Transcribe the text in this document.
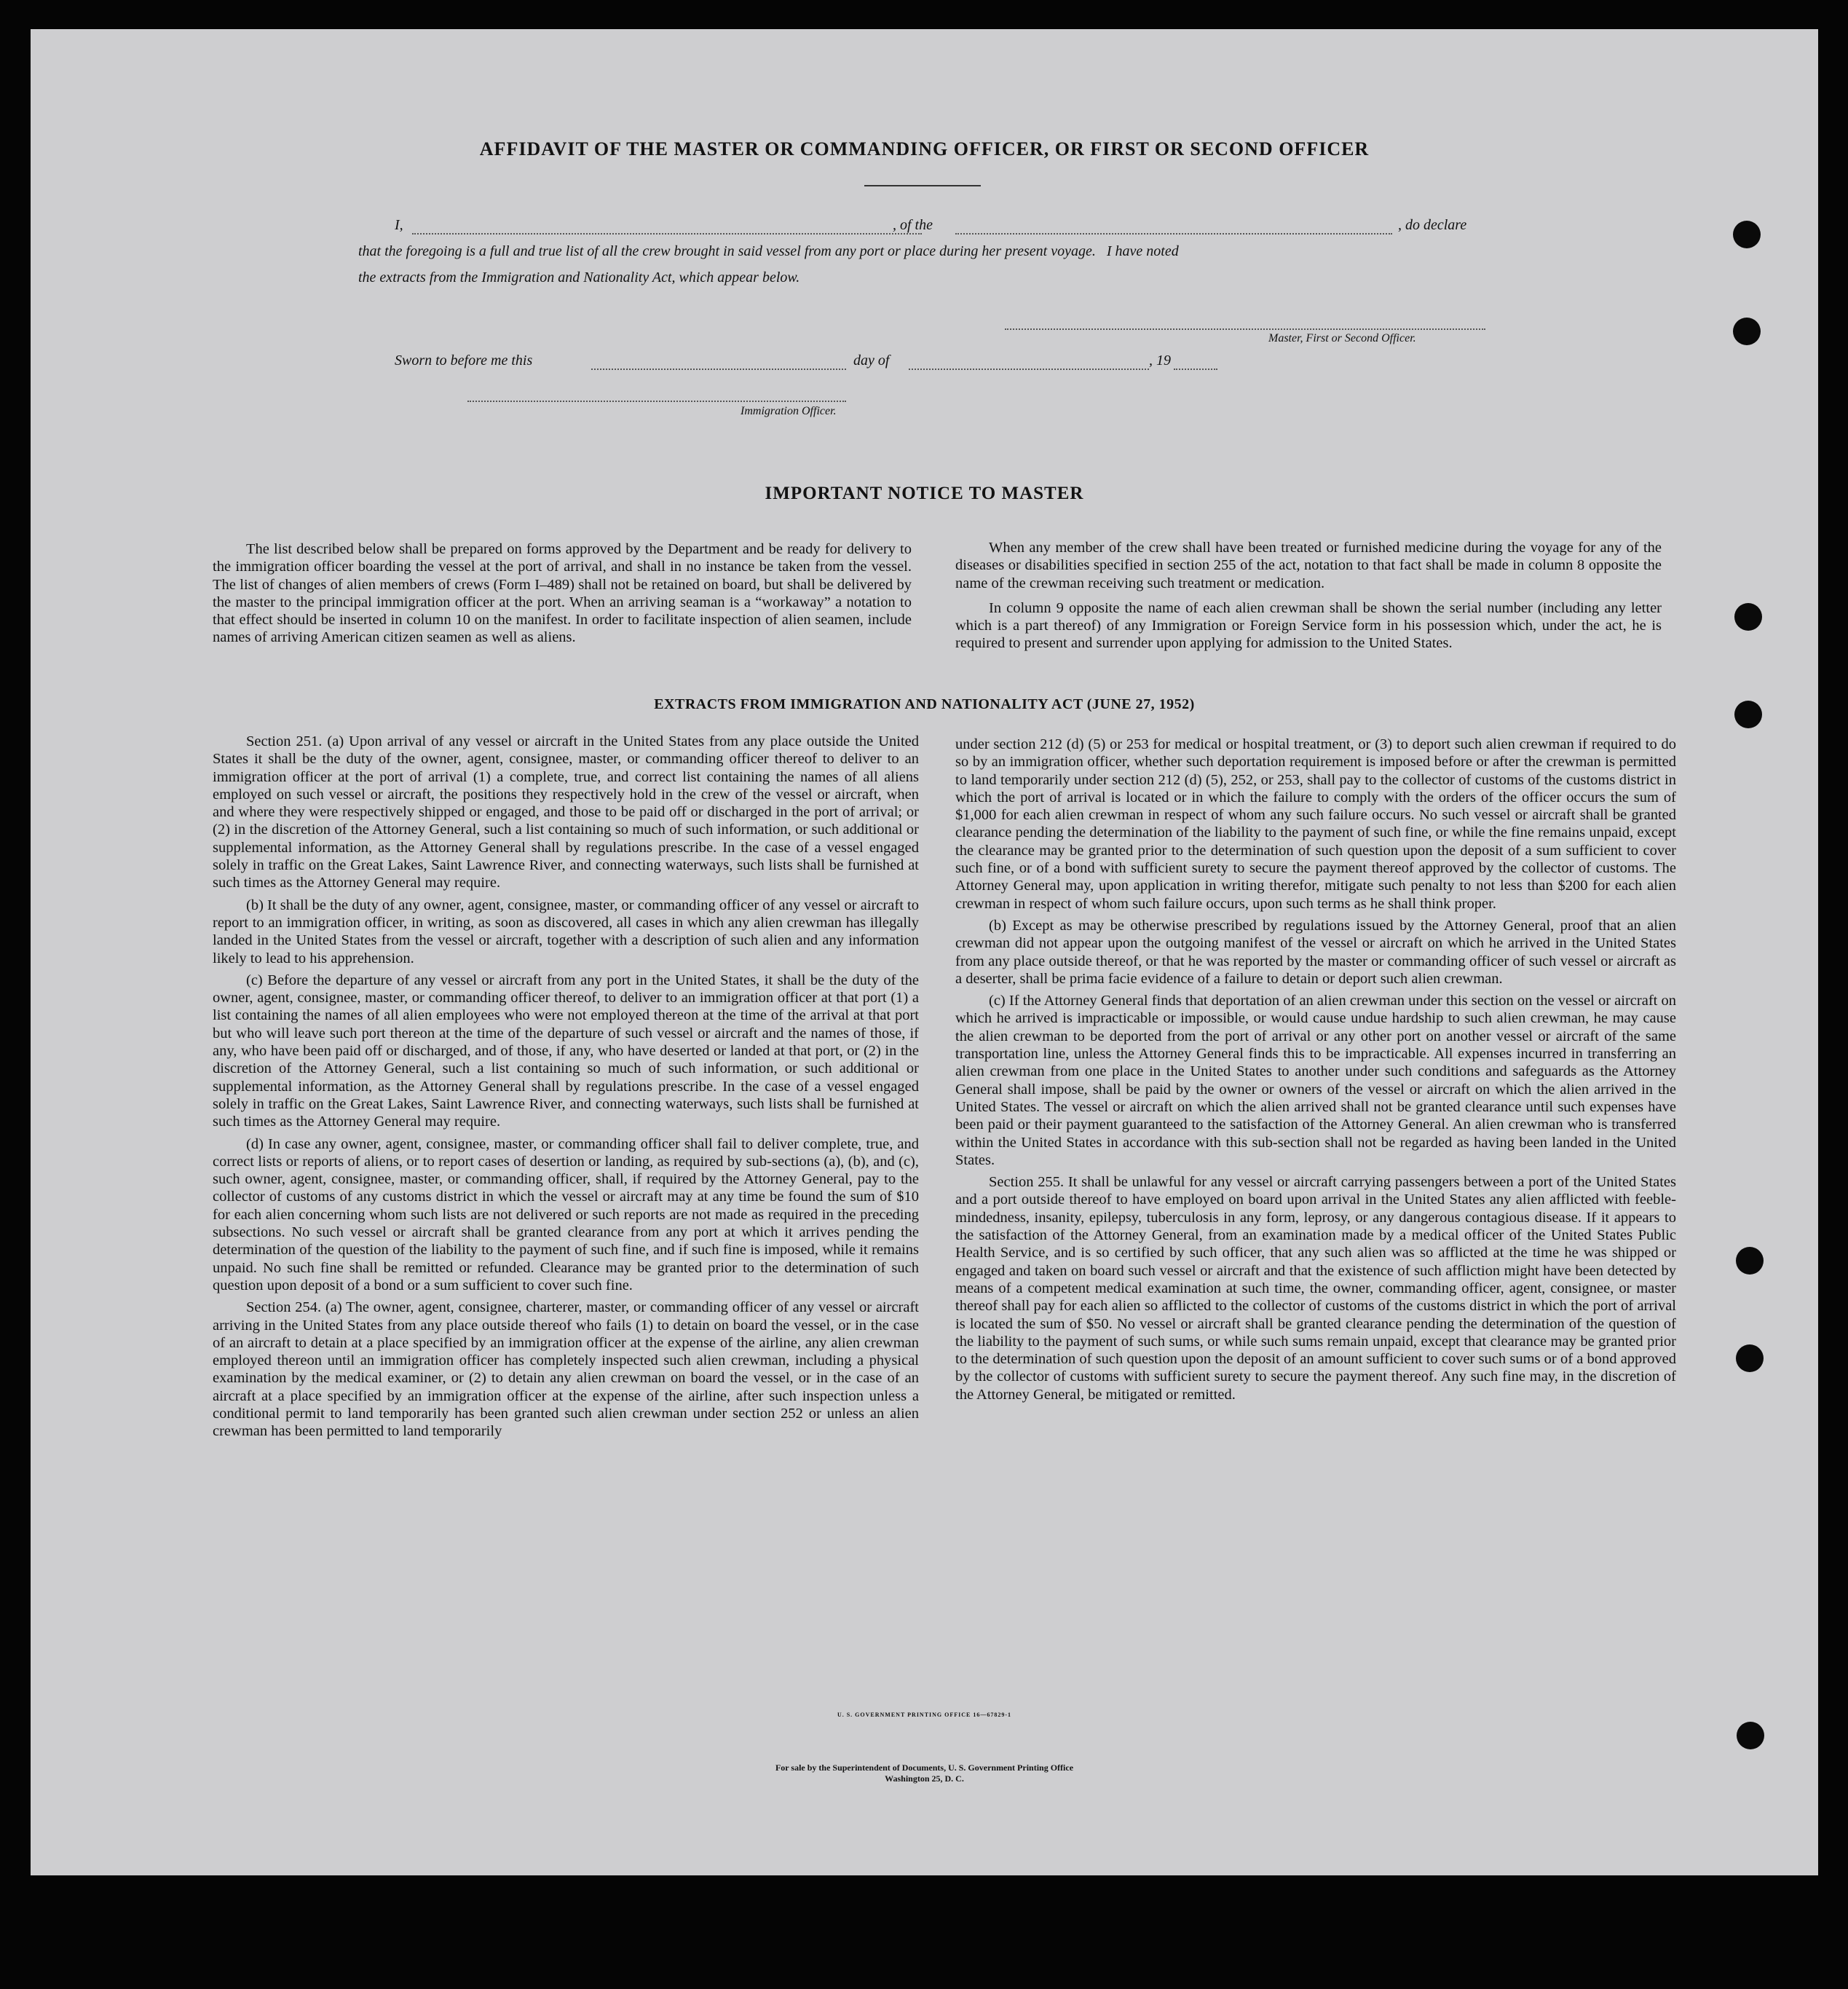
AFFIDAVIT OF THE MASTER OR COMMANDING OFFICER, OR FIRST OR SECOND OFFICER
I,	, of the	, do declare
that the foregoing is a full and true list of all the crew brought in said vessel from any port or place during her present voyage.   I have noted
the extracts from the Immigration and Nationality Act, which appear below.
Master, First or Second Officer.
Sworn to before me this	day of	, 19
Immigration Officer.
IMPORTANT NOTICE TO MASTER

The list described below shall be prepared on forms approved by the Department and be ready for delivery to the immigration officer boarding the vessel at the port of arrival, and shall in no instance be taken from the vessel. The list of changes of alien members of crews (Form I–489) shall not be retained on board, but shall be delivered by the master to the principal immigration officer at the port. When an arriving seaman is a “workaway” a notation to that effect should be inserted in column 10 on the manifest. In order to facilitate inspection of alien seamen, include names of arriving American citizen seamen as well as aliens.

When any member of the crew shall have been treated or furnished medicine during the voyage for any of the diseases or disabilities specified in section 255 of the act, notation to that fact shall be made in column 8 opposite the name of the crewman receiving such treatment or medication.

In column 9 opposite the name of each alien crewman shall be shown the serial number (including any letter which is a part thereof) of any Immigration or Foreign Service form in his possession which, under the act, he is required to present and surrender upon applying for admission to the United States.

EXTRACTS FROM IMMIGRATION AND NATIONALITY ACT (JUNE 27, 1952)

Section 251. (a) Upon arrival of any vessel or aircraft in the United States from any place outside the United States it shall be the duty of the owner, agent, consignee, master, or commanding officer thereof to deliver to an immigration officer at the port of arrival (1) a complete, true, and correct list containing the names of all aliens employed on such vessel or aircraft, the positions they respectively hold in the crew of the vessel or aircraft, when and where they were respectively shipped or engaged, and those to be paid off or discharged in the port of arrival; or (2) in the discretion of the Attorney General, such a list containing so much of such information, or such additional or supplemental information, as the Attorney General shall by regulations prescribe. In the case of a vessel engaged solely in traffic on the Great Lakes, Saint Lawrence River, and connecting waterways, such lists shall be furnished at such times as the Attorney General may require.

(b) It shall be the duty of any owner, agent, consignee, master, or commanding officer of any vessel or aircraft to report to an immigration officer, in writing, as soon as discovered, all cases in which any alien crewman has illegally landed in the United States from the vessel or aircraft, together with a description of such alien and any information likely to lead to his apprehension.

(c) Before the departure of any vessel or aircraft from any port in the United States, it shall be the duty of the owner, agent, consignee, master, or commanding officer thereof, to deliver to an immigration officer at that port (1) a list containing the names of all alien employees who were not employed thereon at the time of the arrival at that port but who will leave such port thereon at the time of the departure of such vessel or aircraft and the names of those, if any, who have been paid off or discharged, and of those, if any, who have deserted or landed at that port, or (2) in the discretion of the Attorney General, such a list containing so much of such information, or such additional or supplemental information, as the Attorney General shall by regulations prescribe. In the case of a vessel engaged solely in traffic on the Great Lakes, Saint Lawrence River, and connecting waterways, such lists shall be furnished at such times as the Attorney General may require.

(d) In case any owner, agent, consignee, master, or commanding officer shall fail to deliver complete, true, and correct lists or reports of aliens, or to report cases of desertion or landing, as required by sub-sections (a), (b), and (c), such owner, agent, consignee, master, or commanding officer, shall, if required by the Attorney General, pay to the collector of customs of any customs district in which the vessel or aircraft may at any time be found the sum of $10 for each alien concerning whom such lists are not delivered or such reports are not made as required in the preceding subsections. No such vessel or aircraft shall be granted clearance from any port at which it arrives pending the determination of the question of the liability to the payment of such fine, and if such fine is imposed, while it remains unpaid. No such fine shall be remitted or refunded. Clearance may be granted prior to the determination of such question upon deposit of a bond or a sum sufficient to cover such fine.

Section 254. (a) The owner, agent, consignee, charterer, master, or commanding officer of any vessel or aircraft arriving in the United States from any place outside thereof who fails (1) to detain on board the vessel, or in the case of an aircraft to detain at a place specified by an immigration officer at the expense of the airline, any alien crewman employed thereon until an immigration officer has completely inspected such alien crewman, including a physical examination by the medical examiner, or (2) to detain any alien crewman on board the vessel, or in the case of an aircraft at a place specified by an immigration officer at the expense of the airline, after such inspection unless a conditional permit to land temporarily has been granted such alien crewman under section 252 or unless an alien crewman has been permitted to land temporarily

under section 212 (d) (5) or 253 for medical or hospital treatment, or (3) to deport such alien crewman if required to do so by an immigration officer, whether such deportation requirement is imposed before or after the crewman is permitted to land temporarily under section 212 (d) (5), 252, or 253, shall pay to the collector of customs of the customs district in which the port of arrival is located or in which the failure to comply with the orders of the officer occurs the sum of $1,000 for each alien crewman in respect of whom any such failure occurs. No such vessel or aircraft shall be granted clearance pending the determination of the liability to the payment of such fine, or while the fine remains unpaid, except the clearance may be granted prior to the determination of such question upon the deposit of a sum sufficient to cover such fine, or of a bond with sufficient surety to secure the payment thereof approved by the collector of customs. The Attorney General may, upon application in writing therefor, mitigate such penalty to not less than $200 for each alien crewman in respect of whom such failure occurs, upon such terms as he shall think proper.

(b) Except as may be otherwise prescribed by regulations issued by the Attorney General, proof that an alien crewman did not appear upon the outgoing manifest of the vessel or aircraft on which he arrived in the United States from any place outside thereof, or that he was reported by the master or commanding officer of such vessel or aircraft as a deserter, shall be prima facie evidence of a failure to detain or deport such alien crewman.

(c) If the Attorney General finds that deportation of an alien crewman under this section on the vessel or aircraft on which he arrived is impracticable or impossible, or would cause undue hardship to such alien crewman, he may cause the alien crewman to be deported from the port of arrival or any other port on another vessel or aircraft of the same transportation line, unless the Attorney General finds this to be impracticable. All expenses incurred in transferring an alien crewman from one place in the United States to another under such conditions and safeguards as the Attorney General shall impose, shall be paid by the owner or owners of the vessel or aircraft on which the alien arrived in the United States. The vessel or aircraft on which the alien arrived shall not be granted clearance until such expenses have been paid or their payment guaranteed to the satisfaction of the Attorney General. An alien crewman who is transferred within the United States in accordance with this sub-section shall not be regarded as having been landed in the United States.

Section 255. It shall be unlawful for any vessel or aircraft carrying passengers between a port of the United States and a port outside thereof to have employed on board upon arrival in the United States any alien afflicted with feeble-mindedness, insanity, epilepsy, tuberculosis in any form, leprosy, or any dangerous contagious disease. If it appears to the satisfaction of the Attorney General, from an examination made by a medical officer of the United States Public Health Service, and is so certified by such officer, that any such alien was so afflicted at the time he was shipped or engaged and taken on board such vessel or aircraft and that the existence of such affliction might have been detected by means of a competent medical examination at such time, the owner, commanding officer, agent, consignee, or master thereof shall pay for each alien so afflicted to the collector of customs of the customs district in which the port of arrival is located the sum of $50. No vessel or aircraft shall be granted clearance pending the determination of the question of the liability to the payment of such sums, or while such sums remain unpaid, except that clearance may be granted prior to the determination of such question upon the deposit of an amount sufficient to cover such sums or of a bond approved by the collector of customs with sufficient surety to secure the payment thereof. Any such fine may, in the discretion of the Attorney General, be mitigated or remitted.

U. S. GOVERNMENT PRINTING OFFICE 16—67829-1
For sale by the Superintendent of Documents, U. S. Government Printing Office
Washington 25, D. C.
